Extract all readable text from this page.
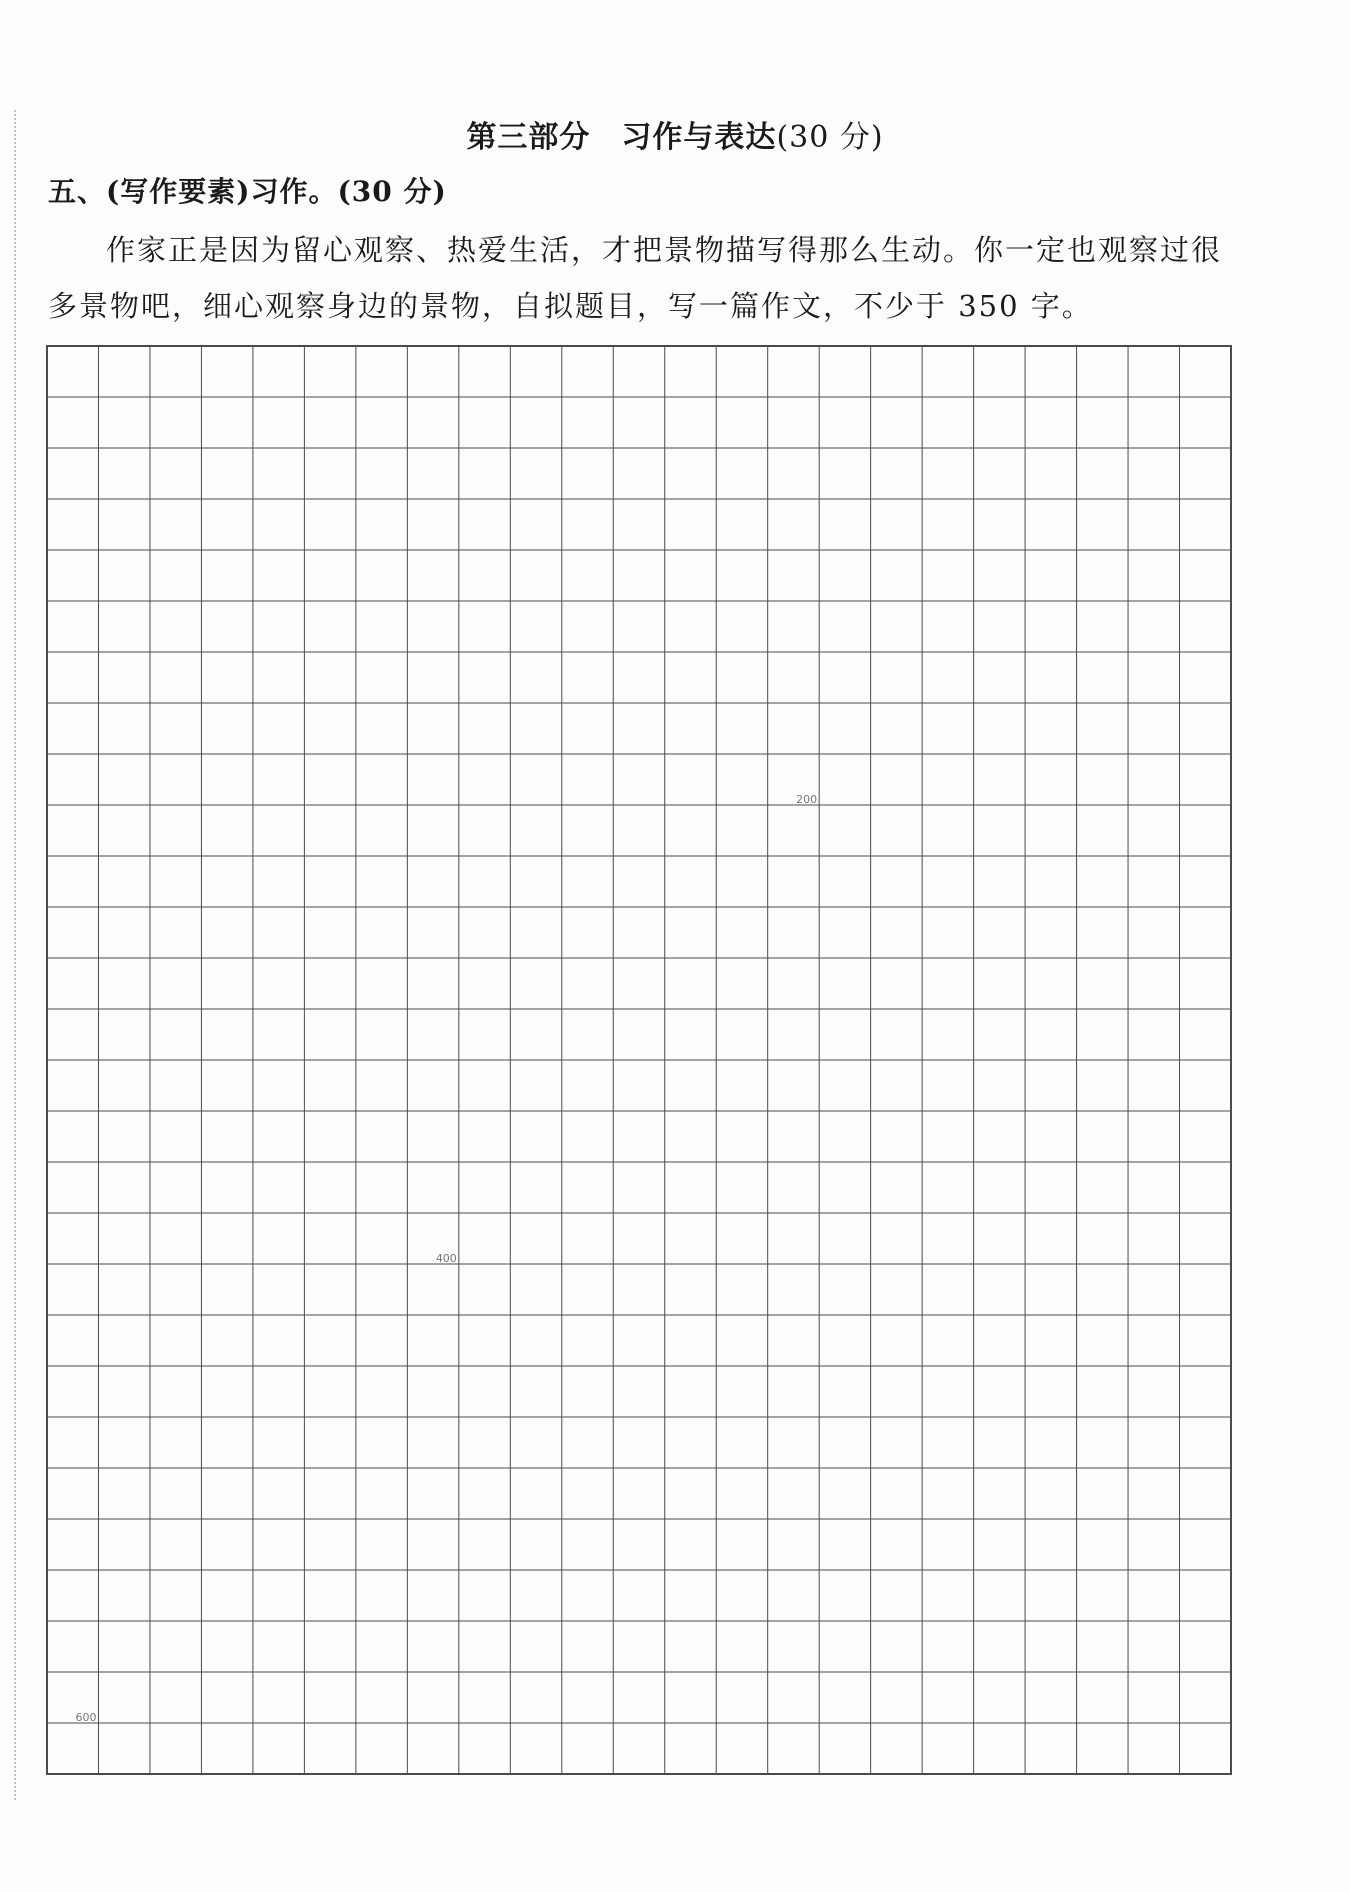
第三部分　习作与表达(30 分)
五、(写作要素)习作。(30 分)
作家正是因为留心观察、热爱生活，才把景物描写得那么生动。你一定也观察过很多景物吧，细心观察身边的景物，自拟题目，写一篇作文，不少于 350 字。
200
400
600
